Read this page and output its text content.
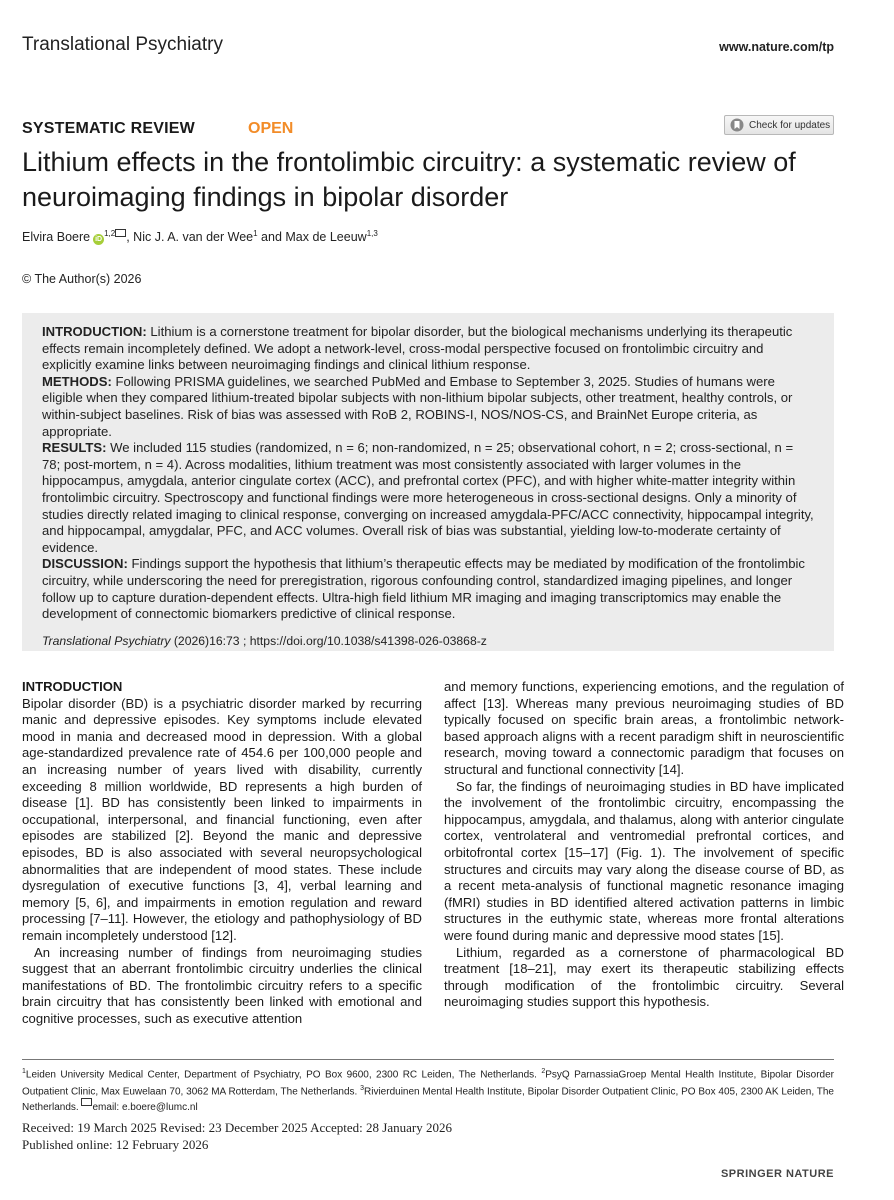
Translational Psychiatry	www.nature.com/tp
SYSTEMATIC REVIEW	OPEN	Check for updates
Lithium effects in the frontolimbic circuitry: a systematic review of neuroimaging findings in bipolar disorder
Elvira Boere iD$^{1,2}$ , Nic J. A. van der Wee$^1$ and Max de Leeuw$^{1,3}$
© The Author(s) 2026

INTRODUCTION: Lithium is a cornerstone treatment for bipolar disorder, but the biological mechanisms underlying its therapeutic effects remain incompletely defined. We adopt a network-level, cross-modal perspective focused on frontolimbic circuitry and explicitly examine links between neuroimaging findings and clinical lithium response.

METHODS: Following PRISMA guidelines, we searched PubMed and Embase to September 3, 2025. Studies of humans were eligible when they compared lithium-treated bipolar subjects with non-lithium bipolar subjects, other treatment, healthy controls, or within-subject baselines. Risk of bias was assessed with RoB 2, ROBINS-I, NOS/NOS-CS, and BrainNet Europe criteria, as appropriate.

RESULTS: We included 115 studies (randomized, n = 6; non-randomized, n = 25; observational cohort, n = 2; cross-sectional, n = 78; post-mortem, n = 4). Across modalities, lithium treatment was most consistently associated with larger volumes in the hippocampus, amygdala, anterior cingulate cortex (ACC), and prefrontal cortex (PFC), and with higher white-matter integrity within frontolimbic circuitry. Spectroscopy and functional findings were more heterogeneous in cross-sectional designs. Only a minority of studies directly related imaging to clinical response, converging on increased amygdala-PFC/ACC connectivity, hippocampal integrity, and hippocampal, amygdalar, PFC, and ACC volumes. Overall risk of bias was substantial, yielding low-to-moderate certainty of evidence.

DISCUSSION: Findings support the hypothesis that lithium’s therapeutic effects may be mediated by modification of the frontolimbic circuitry, while underscoring the need for preregistration, rigorous confounding control, standardized imaging pipelines, and longer follow up to capture duration-dependent effects. Ultra-high field lithium MR imaging and imaging transcriptomics may enable the development of connectomic biomarkers predictive of clinical response.

Translational Psychiatry (2026)16:73 ; https://doi.org/10.1038/s41398-026-03868-z

INTRODUCTION

Bipolar disorder (BD) is a psychiatric disorder marked by recurring manic and depressive episodes. Key symptoms include elevated mood in mania and decreased mood in depression. With a global age-standardized prevalence rate of 454.6 per 100,000 people and an increasing number of years lived with disability, currently exceeding 8 million worldwide, BD represents a high burden of disease [1]. BD has consistently been linked to impairments in occupational, interpersonal, and financial functioning, even after episodes are stabilized [2]. Beyond the manic and depressive episodes, BD is also associated with several neuropsychological abnormalities that are independent of mood states. These include dysregulation of executive functions [3, 4], verbal learning and memory [5, 6], and impairments in emotion regulation and reward processing [7–11]. However, the etiology and pathophysiology of BD remain incompletely understood [12].

An increasing number of findings from neuroimaging studies suggest that an aberrant frontolimbic circuitry underlies the clinical manifestations of BD. The frontolimbic circuitry refers to a specific brain circuitry that has consistently been linked with emotional and cognitive processes, such as executive attention

and memory functions, experiencing emotions, and the regulation of affect [13]. Whereas many previous neuroimaging studies of BD typically focused on specific brain areas, a frontolimbic network-based approach aligns with a recent paradigm shift in neuroscientific research, moving toward a connectomic paradigm that focuses on structural and functional connectivity [14].

So far, the findings of neuroimaging studies in BD have implicated the involvement of the frontolimbic circuitry, encompassing the hippocampus, amygdala, and thalamus, along with anterior cingulate cortex, ventrolateral and ventromedial prefrontal cortices, and orbitofrontal cortex [15–17] (Fig. 1). The involvement of specific structures and circuits may vary along the disease course of BD, as a recent meta-analysis of functional magnetic resonance imaging (fMRI) studies in BD identified altered activation patterns in limbic structures in the euthymic state, whereas more frontal alterations were found during manic and depressive mood states [15].

Lithium, regarded as a cornerstone of pharmacological BD treatment [18–21], may exert its therapeutic stabilizing effects through modification of the frontolimbic circuitry. Several neuroimaging studies support this hypothesis.

$^1$Leiden University Medical Center, Department of Psychiatry, PO Box 9600, 2300 RC Leiden, The Netherlands. $^2$PsyQ ParnassiaGroep Mental Health Institute, Bipolar Disorder Outpatient Clinic, Max Euwelaan 70, 3062 MA Rotterdam, The Netherlands. $^3$Rivierduinen Mental Health Institute, Bipolar Disorder Outpatient Clinic, PO Box 405, 2300 AK Leiden, The Netherlands. email: e.boere@lumc.nl
Received: 19 March 2025 Revised: 23 December 2025 Accepted: 28 January 2026
Published online: 12 February 2026
SPRINGER NATURE
